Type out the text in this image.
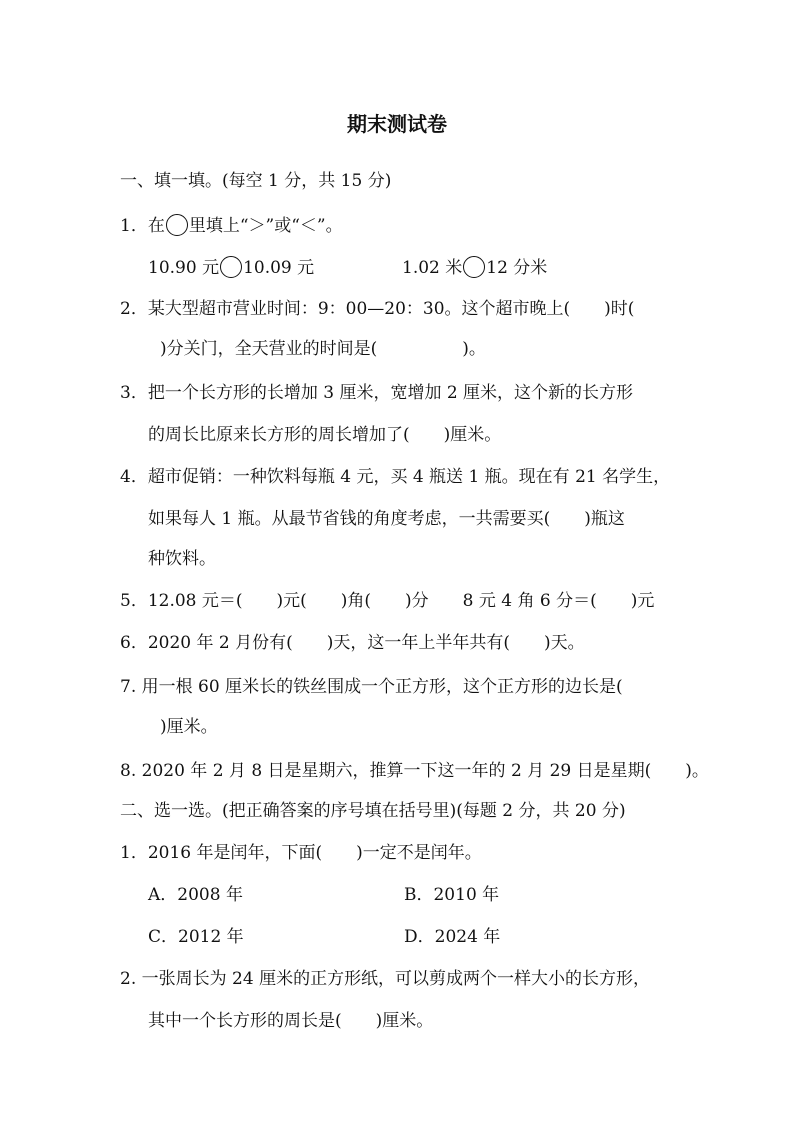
期末测试卷
一、填一填。(每空 1 分，共 15 分)
1．在 里填上“＞”或“＜”。
10.90 元 10.09 元	1.02 米 12 分米
2．某大型超市营业时间：9：00—20：30。这个超市晚上(　　)时(
)分关门，全天营业的时间是(　　　　　)。
3．把一个长方形的长增加 3 厘米，宽增加 2 厘米，这个新的长方形
的周长比原来长方形的周长增加了(　　)厘米。
4．超市促销：一种饮料每瓶 4 元，买 4 瓶送 1 瓶。现在有 21 名学生，
如果每人 1 瓶。从最节省钱的角度考虑，一共需要买(　　)瓶这
种饮料。
5．12.08 元＝(　　)元(　　)角(　　)分　　8 元 4 角 6 分＝(　　)元
6．2020 年 2 月份有(　　)天，这一年上半年共有(　　)天。
7. 用一根 60 厘米长的铁丝围成一个正方形，这个正方形的边长是(
)厘米。
8. 2020 年 2 月 8 日是星期六，推算一下这一年的 2 月 29 日是星期(　　)。
二、选一选。(把正确答案的序号填在括号里)(每题 2 分，共 20 分)
1．2016 年是闰年，下面(　　)一定不是闰年。
A．2008 年	B．2010 年
C．2012 年	D．2024 年
2. 一张周长为 24 厘米的正方形纸，可以剪成两个一样大小的长方形，
其中一个长方形的周长是(　　)厘米。
